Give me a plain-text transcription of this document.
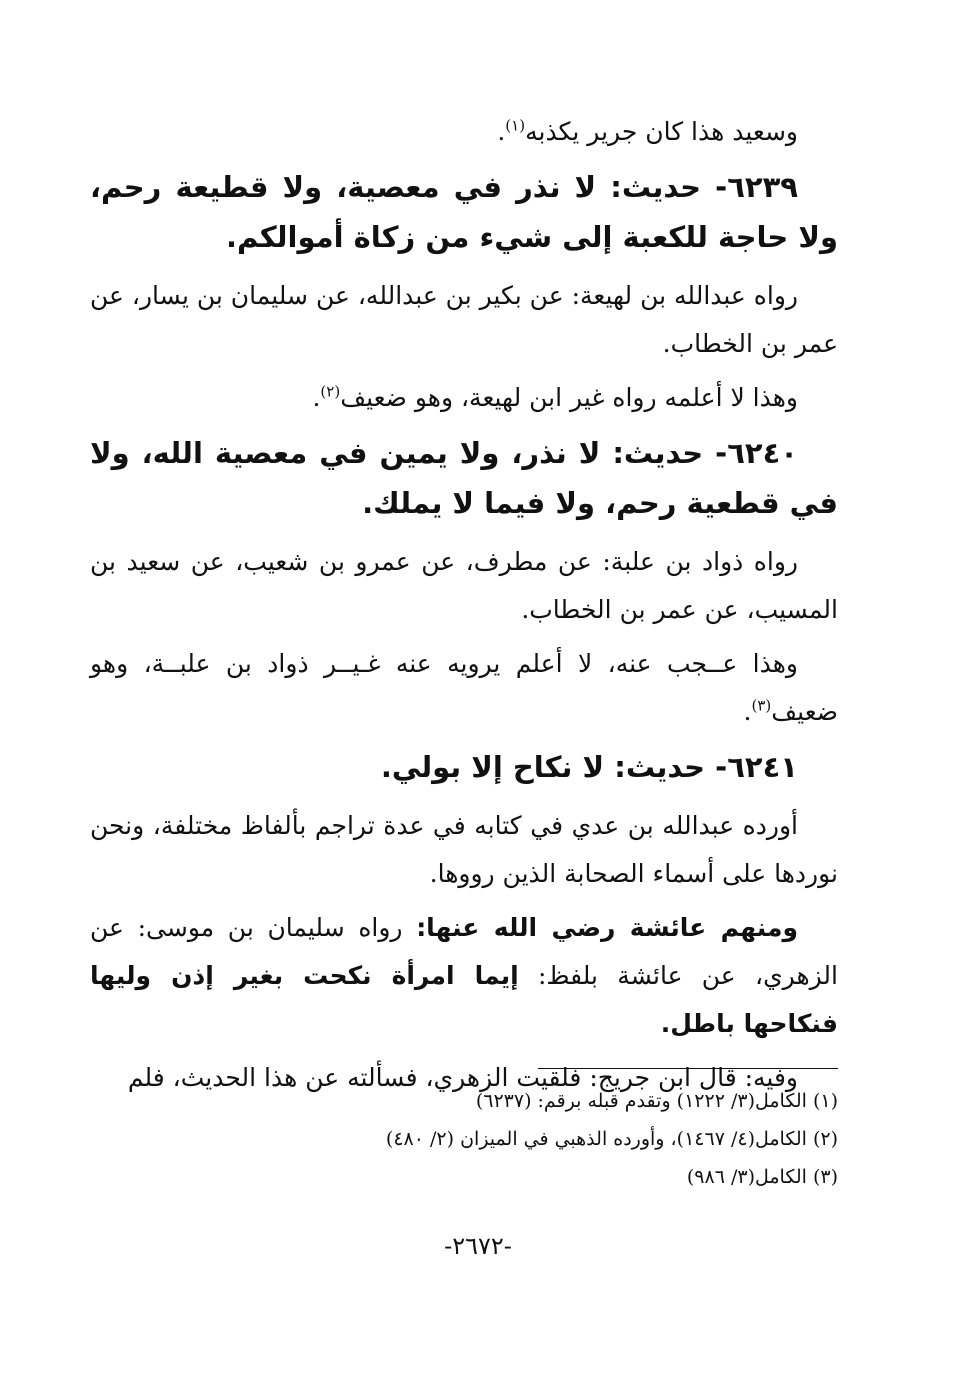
وسعيد هذا كان جرير يكذبه$^{(١)}$.

٦٢٣٩- حديث: لا نذر في معصية، ولا قطيعة رحم، ولا حاجة للكعبة إلى شيء من زكاة أموالكم.

رواه عبدالله بن لهيعة: عن بكير بن عبدالله، عن سليمان بن يسار، عن عمر بن الخطاب.

وهذا لا أعلمه رواه غير ابن لهيعة، وهو ضعيف$^{(٢)}$.

٦٢٤٠- حديث: لا نذر، ولا يمين في معصية الله، ولا في قطعية رحم، ولا فيما لا يملك.

رواه ذواد بن علبة: عن مطرف، عن عمرو بن شعيب، عن سعيد بن المسيب، عن عمر بن الخطاب.

وهذا عــجب عنه، لا أعلم يرويه عنه غـيــر ذواد بن علبــة، وهو ضعيف$^{(٣)}$.

٦٢٤١- حديث: لا نكاح إلا بولي.

أورده عبدالله بن عدي في كتابه في عدة تراجم بألفاظ مختلفة، ونحن نوردها على أسماء الصحابة الذين رووها.

ومنهم عائشة رضي الله عنها: رواه سليمان بن موسى: عن الزهري، عن عائشة بلفظ: إيما امرأة نكحت بغير إذن وليها فنكاحها باطل.

وفيه: قال ابن جريج: فلقيت الزهري، فسألته عن هذا الحديث، فلم

(١) الكامل(٣/ ١٢٢٢) وتقدم قبله برقم: (٦٢٣٧)
(٢) الكامل(٤/ ١٤٦٧)، وأورده الذهبي في الميزان (٢/ ٤٨٠)
(٣) الكامل(٣/ ٩٨٦)
-٢٦٧٢-
